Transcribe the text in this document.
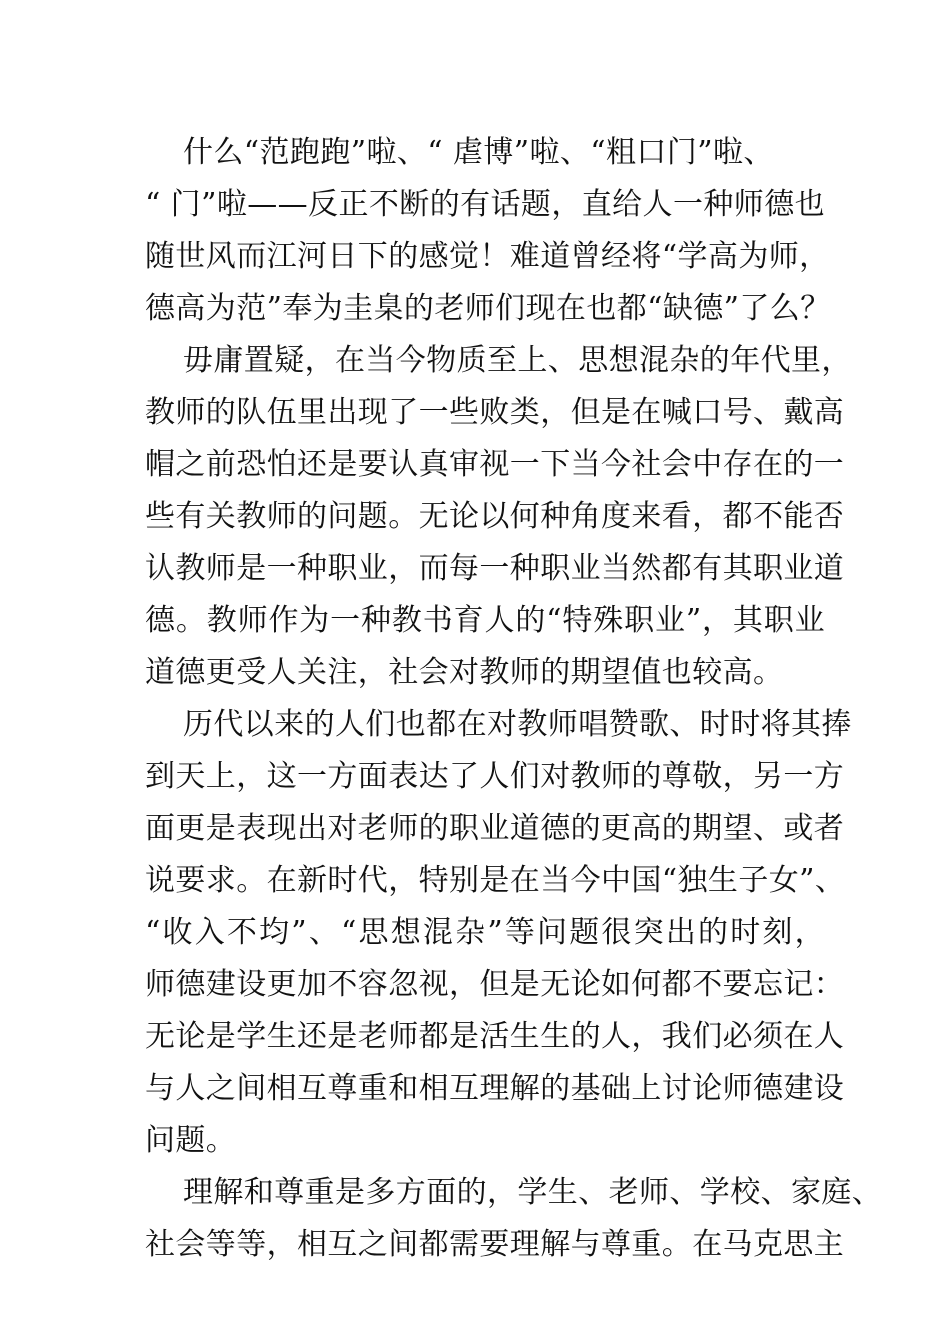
什么“范跑跑”啦、“ 虐博”啦、“粗口门”啦、
“ 门”啦——反正不断的有话题，直给人一种师德也
随世风而江河日下的感觉！难道曾经将“学高为师，
德高为范”奉为圭臬的老师们现在也都“缺德”了么？
毋庸置疑，在当今物质至上、思想混杂的年代里，
教师的队伍里出现了一些败类，但是在喊口号、戴高
帽之前恐怕还是要认真审视一下当今社会中存在的一
些有关教师的问题。无论以何种角度来看，都不能否
认教师是一种职业，而每一种职业当然都有其职业道
德。教师作为一种教书育人的“特殊职业”，其职业
道德更受人关注，社会对教师的期望值也较高。
历代以来的人们也都在对教师唱赞歌、时时将其捧
到天上，这一方面表达了人们对教师的尊敬，另一方
面更是表现出对老师的职业道德的更高的期望、或者
说要求。在新时代，特别是在当今中国“独生子女”、
“收入不均”、“思想混杂”等问题很突出的时刻，
师德建设更加不容忽视，但是无论如何都不要忘记：
无论是学生还是老师都是活生生的人，我们必须在人
与人之间相互尊重和相互理解的基础上讨论师德建设
问题。
理解和尊重是多方面的，学生、老师、学校、家庭、
社会等等，相互之间都需要理解与尊重。在马克思主
